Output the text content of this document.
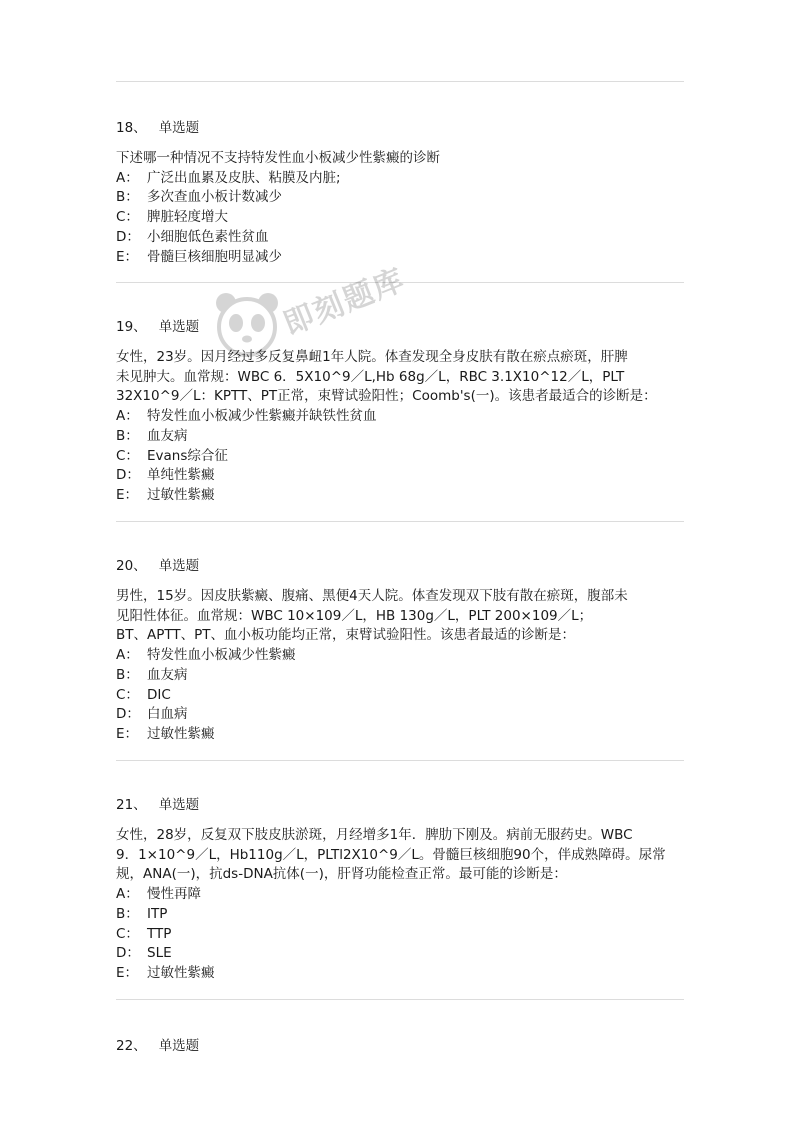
18、 单选题
下述哪一种情况不支持特发性血小板减少性紫癜的诊断
A： 广泛出血累及皮肤、粘膜及内脏;
B： 多次查血小板计数减少
C： 脾脏轻度增大
D： 小细胞低色素性贫血
E： 骨髓巨核细胞明显减少
19、 单选题
女性，23岁。因月经过多反复鼻衄1年人院。体查发现全身皮肤有散在瘀点瘀斑，肝脾
未见肿大。血常规：WBC 6．5X10^9／L,Hb 68g／L，RBC 3.1X10^12／L，PLT
32X10^9／L：KPTT、PT正常，束臂试验阳性；Coomb's(一)。该患者最适合的诊断是：
A： 特发性血小板减少性紫癜并缺铁性贫血
B： 血友病
C： Evans综合征
D： 单纯性紫癜
E： 过敏性紫癜
20、 单选题
男性，15岁。因皮肤紫癜、腹痛、黑便4天人院。体查发现双下肢有散在瘀斑，腹部未
见阳性体征。血常规：WBC 10×109／L，HB 130g／L，PLT 200×109／L；
BT、APTT、PT、血小板功能均正常，束臂试验阳性。该患者最适的诊断是：
A： 特发性血小板减少性紫癜
B： 血友病
C： DIC
D： 白血病
E： 过敏性紫癜
21、 单选题
女性，28岁，反复双下肢皮肤淤斑，月经增多1年．脾肋下刚及。病前无服药史。WBC
9．1×10^9／L，Hb110g／L，PLTl2X10^9／L。骨髓巨核细胞90个，伴成熟障碍。尿常
规，ANA(一)，抗ds-DNA抗体(一)，肝肾功能检查正常。最可能的诊断是：
A： 慢性再障
B： ITP
C： TTP
D： SLE
E： 过敏性紫癜
22、 单选题
即刻题库
